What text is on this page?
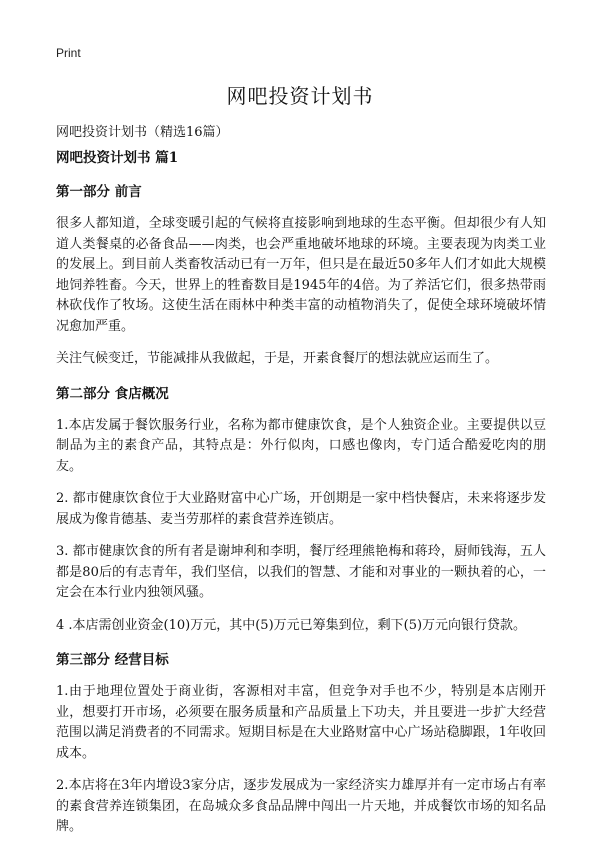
Print
网吧投资计划书
网吧投资计划书（精选16篇）
网吧投资计划书 篇1
第一部分 前言

很多人都知道，全球变暖引起的气候将直接影响到地球的生态平衡。但却很少有人知道人类餐桌的必备食品——肉类，也会严重地破坏地球的环境。主要表现为肉类工业的发展上。到目前人类畜牧活动已有一万年，但只是在最近50多年人们才如此大规模地饲养牲畜。今天，世界上的牲畜数目是1945年的4倍。为了养活它们，很多热带雨林砍伐作了牧场。这使生活在雨林中种类丰富的动植物消失了，促使全球环境破坏情况愈加严重。

关注气候变迁，节能减排从我做起，于是，开素食餐厅的想法就应运而生了。

第二部分 食店概况

1.本店发属于餐饮服务行业，名称为都市健康饮食，是个人独资企业。主要提供以豆制品为主的素食产品，其特点是：外行似肉，口感也像肉，专门适合酷爱吃肉的朋友。

2. 都市健康饮食位于大业路财富中心广场，开创期是一家中档快餐店，未来将逐步发展成为像肯德基、麦当劳那样的素食营养连锁店。

3. 都市健康饮食的所有者是谢坤利和李明，餐厅经理熊艳梅和蒋玲，厨师钱海，五人都是80后的有志青年，我们坚信，以我们的智慧、才能和对事业的一颗执着的心，一定会在本行业内独领风骚。

4 .本店需创业资金(10)万元，其中(5)万元已筹集到位，剩下(5)万元向银行贷款。

第三部分 经营目标

1.由于地理位置处于商业街，客源相对丰富，但竞争对手也不少，特别是本店刚开业，想要打开市场，必须要在服务质量和产品质量上下功夫，并且要进一步扩大经营范围以满足消费者的不同需求。短期目标是在大业路财富中心广场站稳脚跟，1年收回成本。

2.本店将在3年内增设3家分店，逐步发展成为一家经济实力雄厚并有一定市场占有率的素食营养连锁集团，在岛城众多食品品牌中闯出一片天地，并成餐饮市场的知名品牌。
